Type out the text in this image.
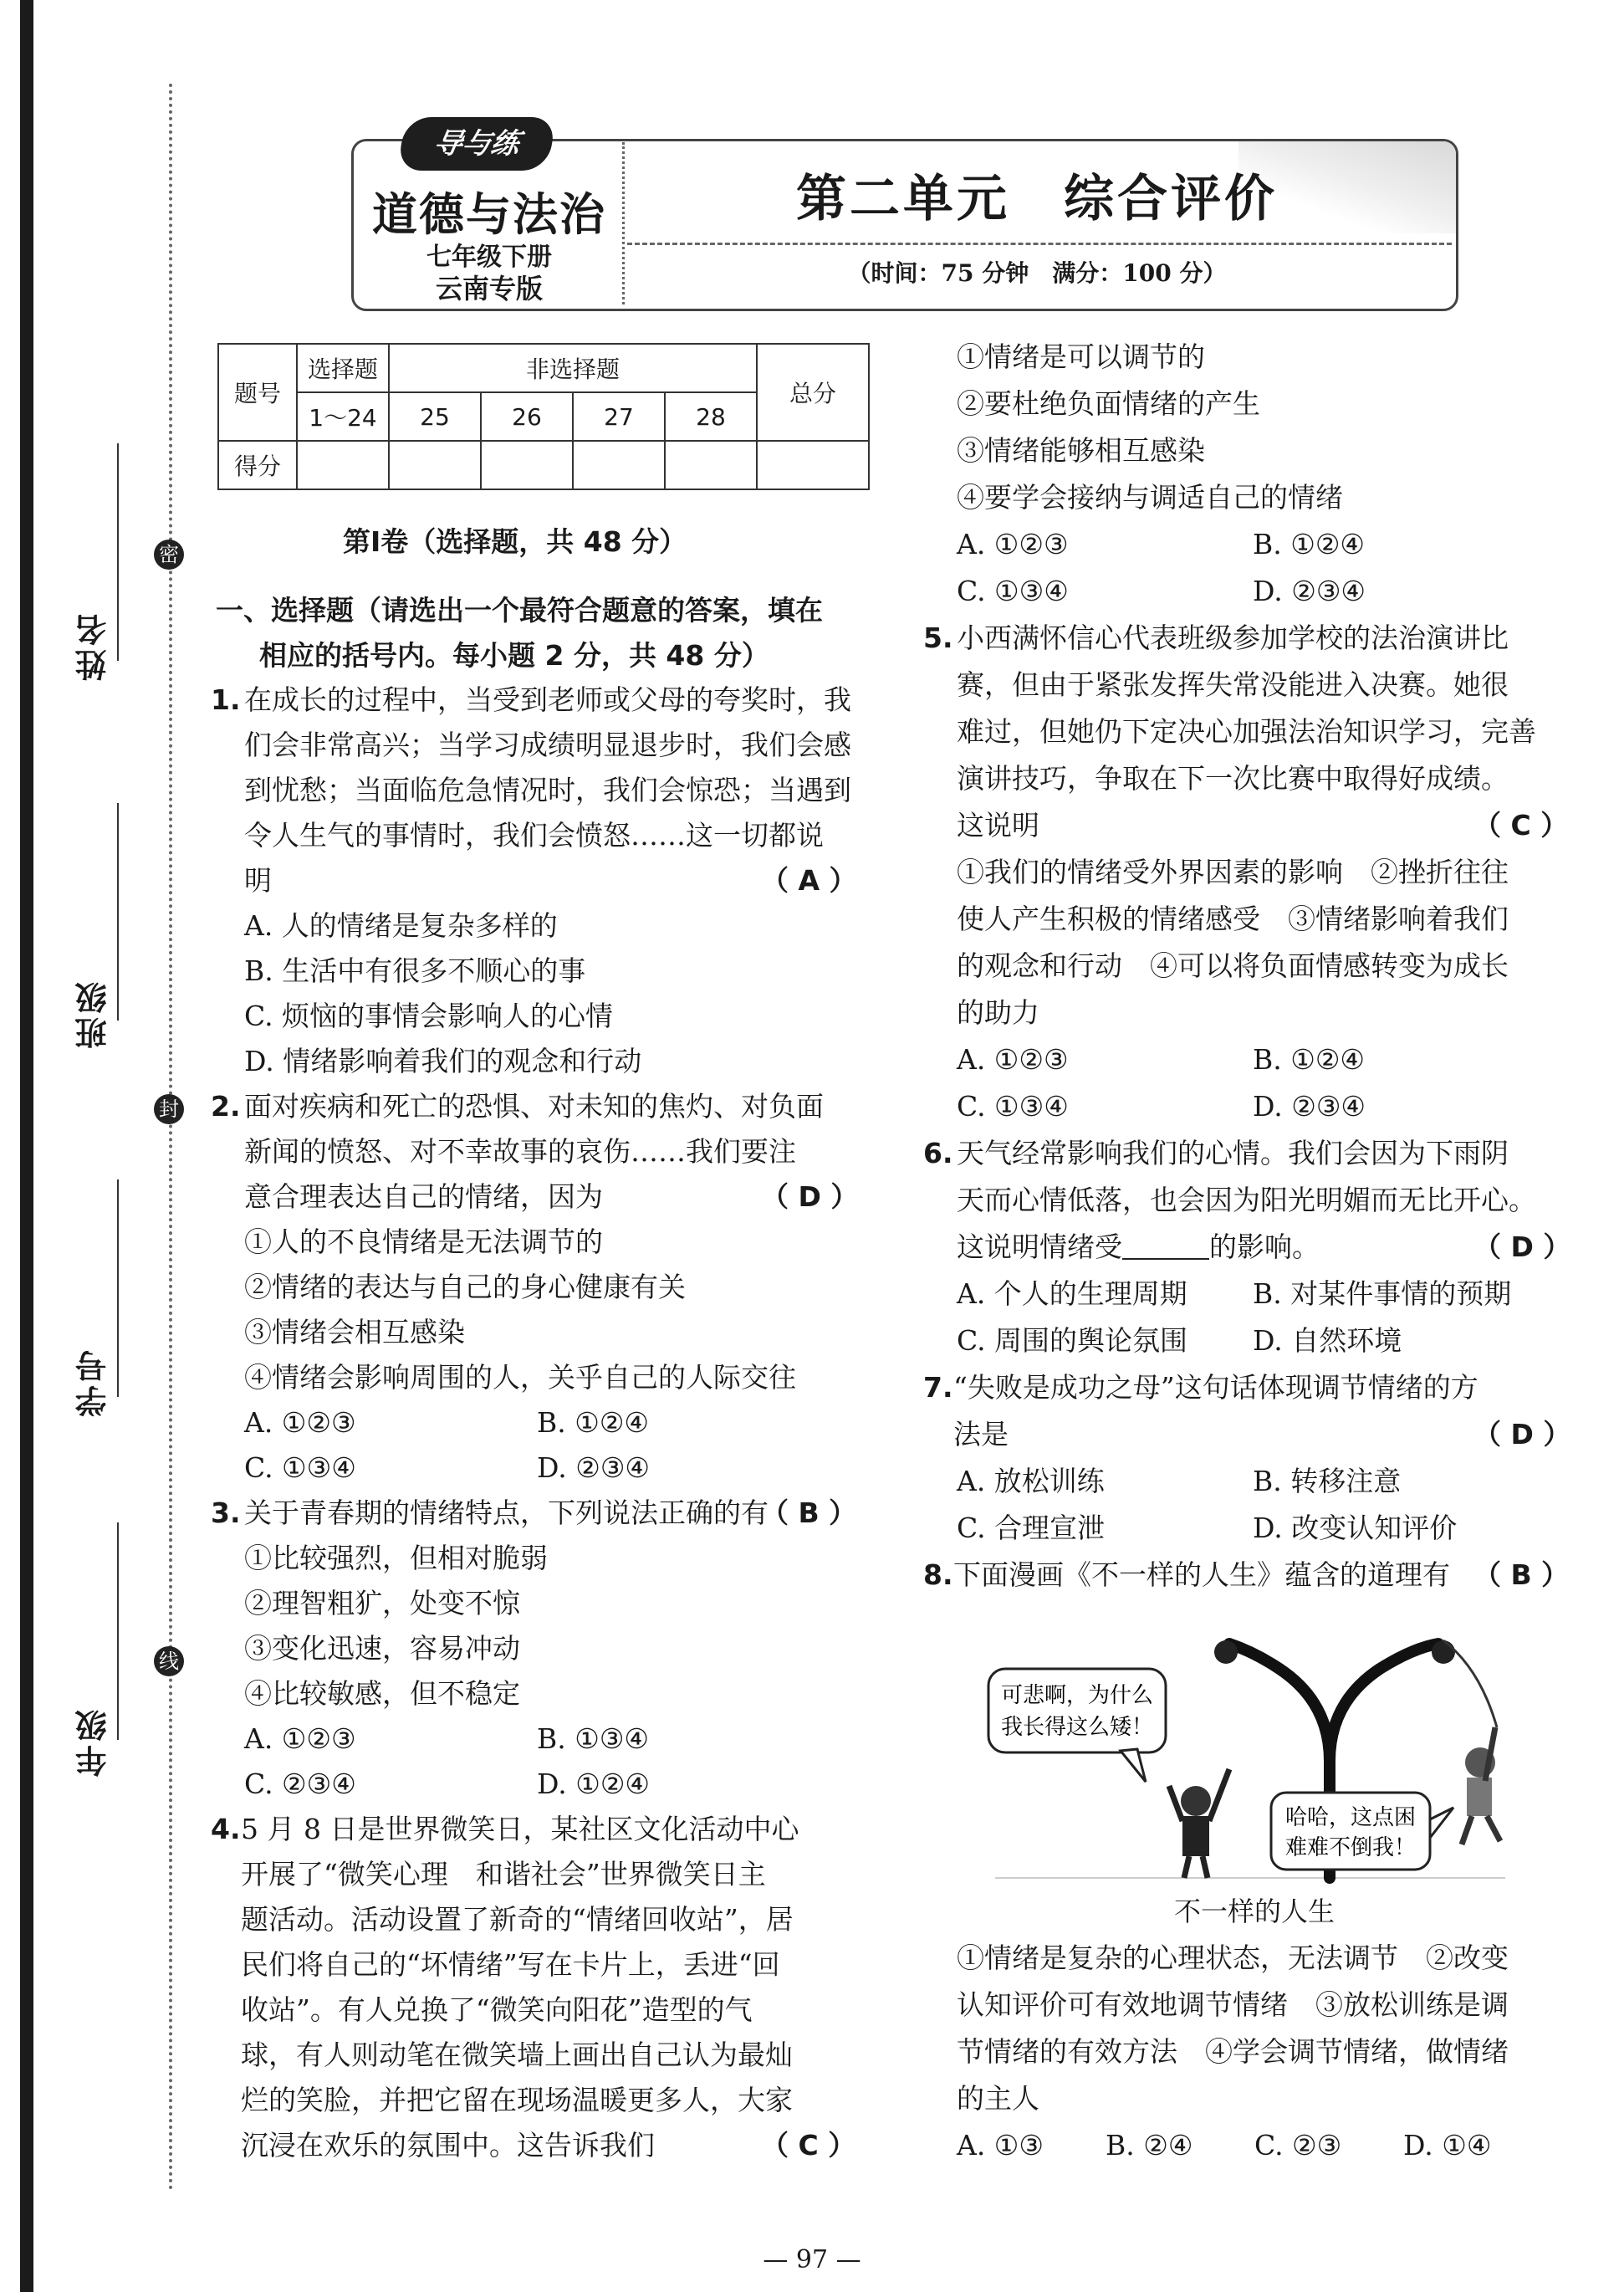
密
封
线
姓名
班级
学号
年级
导与练
道德与法治
七年级下册
云南专版
第二单元　综合评价
（时间：75 分钟　满分：100 分）
题号	选择题	非选择题				总分
	1～24	25	26	27	28	
得分						
第Ⅰ卷（选择题，共 48 分）
一、选择题（请选出一个最符合题意的答案，填在
相应的括号内。每小题 2 分，共 48 分）
1. 在成长的过程中，当受到老师或父母的夸奖时，我
们会非常高兴；当学习成绩明显退步时，我们会感
到忧愁；当面临危急情况时，我们会惊恐；当遇到
令人生气的事情时，我们会愤怒……这一切都说
明	（ A ）
A. 人的情绪是复杂多样的
B. 生活中有很多不顺心的事
C. 烦恼的事情会影响人的心情
D. 情绪影响着我们的观念和行动
2. 面对疾病和死亡的恐惧、对未知的焦灼、对负面
新闻的愤怒、对不幸故事的哀伤……我们要注
意合理表达自己的情绪，因为	（ D ）
①人的不良情绪是无法调节的
②情绪的表达与自己的身心健康有关
③情绪会相互感染
④情绪会影响周围的人，关乎自己的人际交往
A. ①②③	B. ①②④
C. ①③④	D. ②③④
3. 关于青春期的情绪特点，下列说法正确的有
（ B ）
①比较强烈，但相对脆弱
②理智粗犷，处变不惊
③变化迅速，容易冲动
④比较敏感，但不稳定
A. ①②③	B. ①③④
C. ②③④	D. ①②④
4. 5 月 8 日是世界微笑日，某社区文化活动中心
开展了“微笑心理　和谐社会”世界微笑日主
题活动。活动设置了新奇的“情绪回收站”，居
民们将自己的“坏情绪”写在卡片上，丢进“回
收站”。有人兑换了“微笑向阳花”造型的气
球，有人则动笔在微笑墙上画出自己认为最灿
烂的笑脸，并把它留在现场温暖更多人，大家
沉浸在欢乐的氛围中。这告诉我们	（ C ）
①情绪是可以调节的
②要杜绝负面情绪的产生
③情绪能够相互感染
④要学会接纳与调适自己的情绪
A. ①②③	B. ①②④
C. ①③④	D. ②③④
5. 小西满怀信心代表班级参加学校的法治演讲比
赛，但由于紧张发挥失常没能进入决赛。她很
难过，但她仍下定决心加强法治知识学习，完善
演讲技巧，争取在下一次比赛中取得好成绩。
这说明	（ C ）
①我们的情绪受外界因素的影响　②挫折往往
使人产生积极的情绪感受　③情绪影响着我们
的观念和行动　④可以将负面情感转变为成长
的助力
A. ①②③	B. ①②④
C. ①③④	D. ②③④
6. 天气经常影响我们的心情。我们会因为下雨阴
天而心情低落，也会因为阳光明媚而无比开心。
这说明情绪受	的影响。	（ D ）
A. 个人的生理周期 B. 对某件事情的预期
C. 周围的舆论氛围 D. 自然环境
7. “失败是成功之母”这句话体现调节情绪的方
法是	（ D ）
A. 放松训练	B. 转移注意
C. 合理宣泄	D. 改变认知评价
8. 下面漫画《不一样的人生》蕴含的道理有 （ B ）
可悲啊，为什么
我长得这么矮！
哈哈，这点困
难难不倒我！
不一样的人生
①情绪是复杂的心理状态，无法调节　②改变
认知评价可有效地调节情绪　③放松训练是调
节情绪的有效方法　④学会调节情绪，做情绪
的主人
A. ①③ B. ②④ C. ②③ D. ①④
— 97 —
